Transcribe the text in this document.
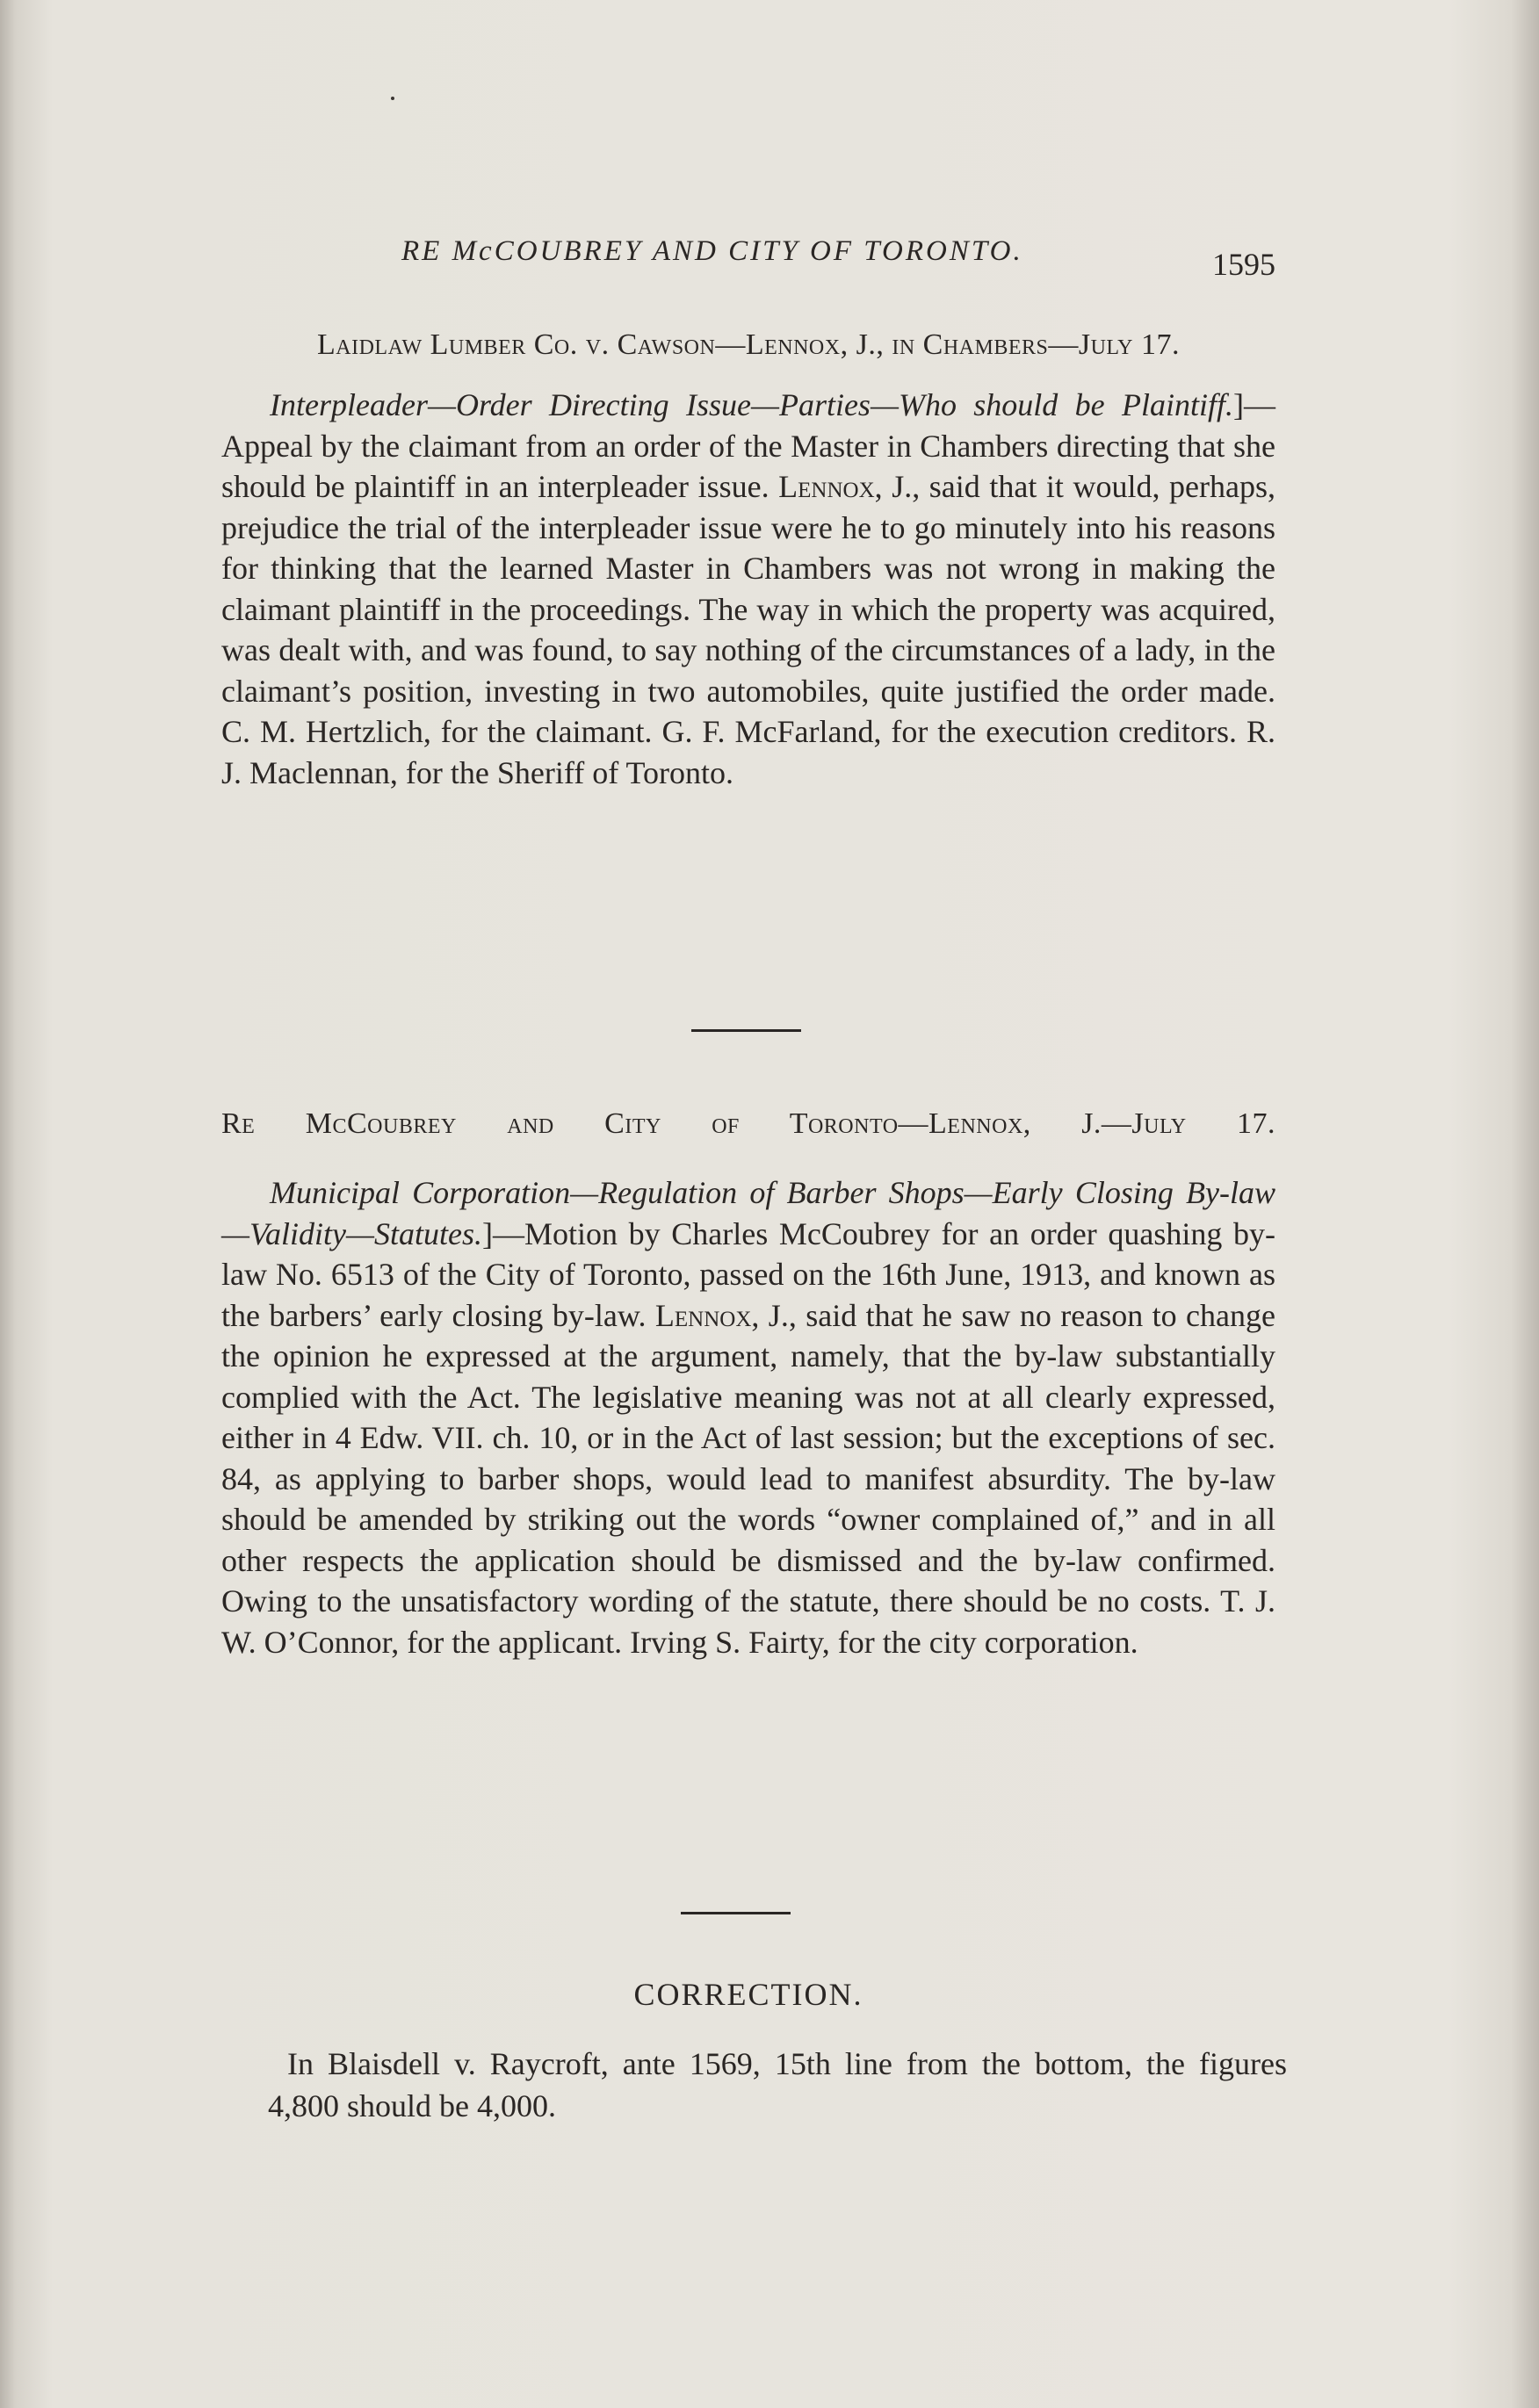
RE McCOUBREY AND CITY OF TORONTO.	1595
Laidlaw Lumber Co. v. Cawson—Lennox, J., in Chambers—July 17.

Interpleader—Order Directing Issue—Parties—Who should be Plaintiff.]—Appeal by the claimant from an order of the Master in Chambers directing that she should be plaintiff in an interpleader issue. Lennox, J., said that it would, perhaps, prejudice the trial of the interpleader issue were he to go minutely into his reasons for thinking that the learned Master in Chambers was not wrong in making the claimant plaintiff in the proceedings. The way in which the property was acquired, was dealt with, and was found, to say nothing of the circumstances of a lady, in the claimant’s position, investing in two automobiles, quite justified the order made. C. M. Hertzlich, for the claimant. G. F. McFarland, for the execution creditors. R. J. Maclennan, for the Sheriff of Toronto.

Re McCoubrey and City of Toronto—Lennox, J.—July 17.

Municipal Corporation—Regulation of Barber Shops—Early Closing By-law—Validity—Statutes.]—Motion by Charles McCoubrey for an order quashing by-law No. 6513 of the City of Toronto, passed on the 16th June, 1913, and known as the barbers’ early closing by-law. Lennox, J., said that he saw no reason to change the opinion he expressed at the argument, namely, that the by-law substantially complied with the Act. The legislative meaning was not at all clearly expressed, either in 4 Edw. VII. ch. 10, or in the Act of last session; but the exceptions of sec. 84, as applying to barber shops, would lead to manifest absurdity. The by-law should be amended by striking out the words “owner complained of,” and in all other respects the application should be dismissed and the by-law confirmed. Owing to the unsatisfactory wording of the statute, there should be no costs. T. J. W. O’Connor, for the applicant. Irving S. Fairty, for the city corporation.

CORRECTION.

In Blaisdell v. Raycroft, ante 1569, 15th line from the bottom, the figures 4,800 should be 4,000.
